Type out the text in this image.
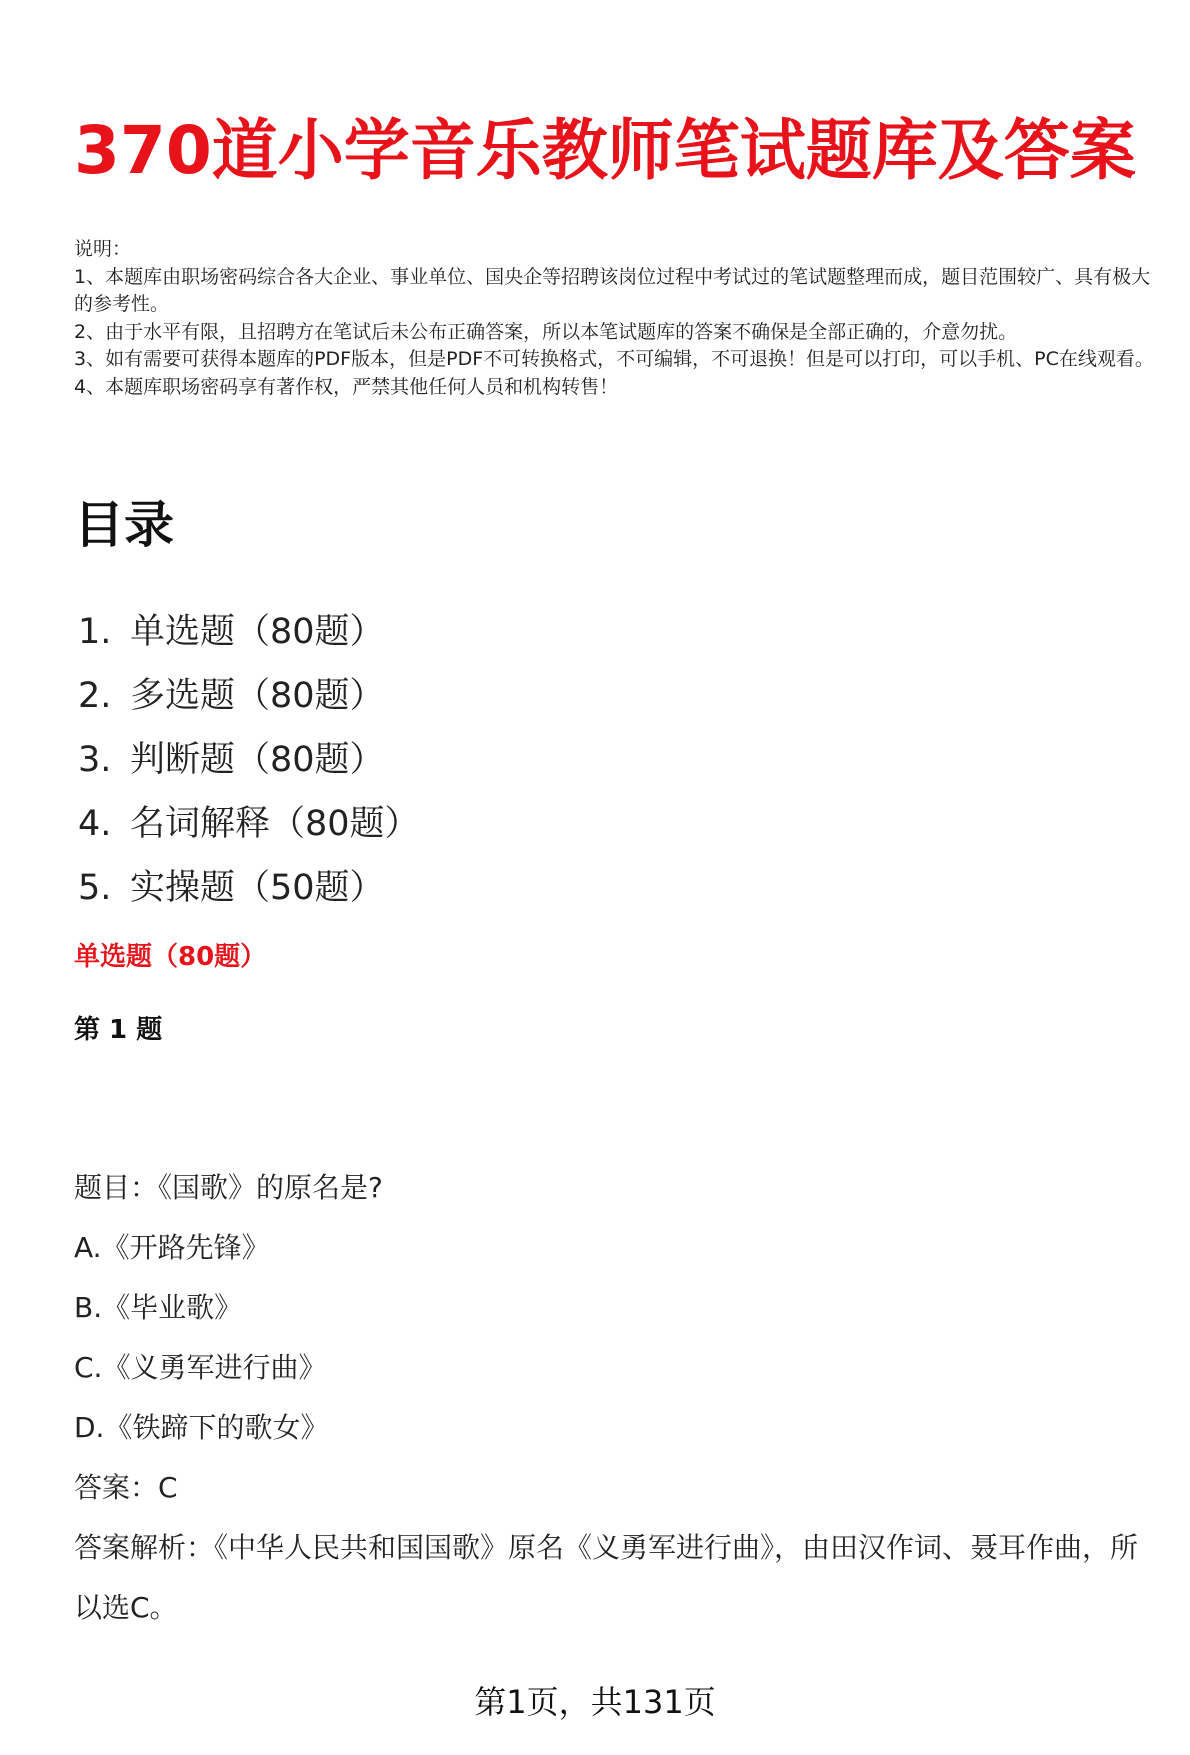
370道小学音乐教师笔试题库及答案

说明：

1、本题库由职场密码综合各大企业、事业单位、国央企等招聘该岗位过程中考试过的笔试题整理而成，题目范围较广、具有极大的参考性。

2、由于水平有限，且招聘方在笔试后未公布正确答案，所以本笔试题库的答案不确保是全部正确的，介意勿扰。

3、如有需要可获得本题库的PDF版本，但是PDF不可转换格式，不可编辑，不可退换！但是可以打印，可以手机、PC在线观看。

4、本题库职场密码享有著作权，严禁其他任何人员和机构转售！

目录
1. 单选题（80题）
2. 多选题（80题）
3. 判断题（80题）
4. 名词解释（80题）
5. 实操题（50题）
单选题（80题）
第 1 题
题目：《国歌》的原名是?
A.《开路先锋》
B.《毕业歌》
C.《义勇军进行曲》
D.《铁蹄下的歌女》
答案：C
答案解析：《中华人民共和国国歌》原名《义勇军进行曲》，由田汉作词、聂耳作曲，所以选C。
第1页，共131页
